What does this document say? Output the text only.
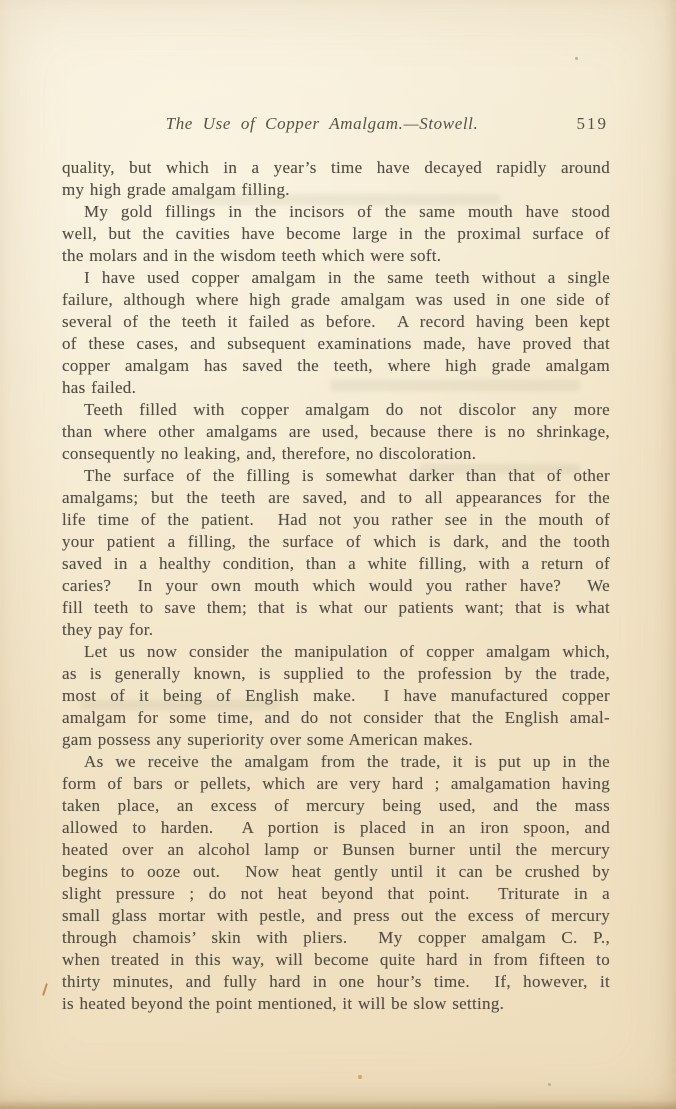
The Use of Copper Amalgam.—Stowell.	519
quality, but which in a year’s time have decayed rapidly around
my high grade amalgam filling.
My gold fillings in the incisors of the same mouth have stood
well, but the cavities have become large in the proximal surface of
the molars and in the wisdom teeth which were soft.
I have used copper amalgam in the same teeth without a single
failure, although where high grade amalgam was used in one side of
several of the teeth it failed as before.  A record having been kept
of these cases, and subsequent examinations made, have proved that
copper amalgam has saved the teeth, where high grade amalgam
has failed.
Teeth filled with copper amalgam do not discolor any more
than where other amalgams are used, because there is no shrinkage,
consequently no leaking, and, therefore, no discoloration.
The surface of the filling is somewhat darker than that of other
amalgams; but the teeth are saved, and to all appearances for the
life time of the patient.  Had not you rather see in the mouth of
your patient a filling, the surface of which is dark, and the tooth
saved in a healthy condition, than a white filling, with a return of
caries?  In your own mouth which would you rather have?  We
fill teeth to save them; that is what our patients want; that is what
they pay for.
Let us now consider the manipulation of copper amalgam which,
as is generally known, is supplied to the profession by the trade,
most of it being of English make.  I have manufactured copper
amalgam for some time, and do not consider that the English amal-
gam possess any superiority over some American makes.
As we receive the amalgam from the trade, it is put up in the
form of bars or pellets, which are very hard ; amalgamation having
taken place, an excess of mercury being used, and the mass
allowed to harden.  A portion is placed in an iron spoon, and
heated over an alcohol lamp or Bunsen burner until the mercury
begins to ooze out.  Now heat gently until it can be crushed by
slight pressure ; do not heat beyond that point.  Triturate in a
small glass mortar with pestle, and press out the excess of mercury
through chamois’ skin with pliers.  My copper amalgam C. P.,
when treated in this way, will become quite hard in from fifteen to
thirty minutes, and fully hard in one hour’s time.  If, however, it
is heated beyond the point mentioned, it will be slow setting.
